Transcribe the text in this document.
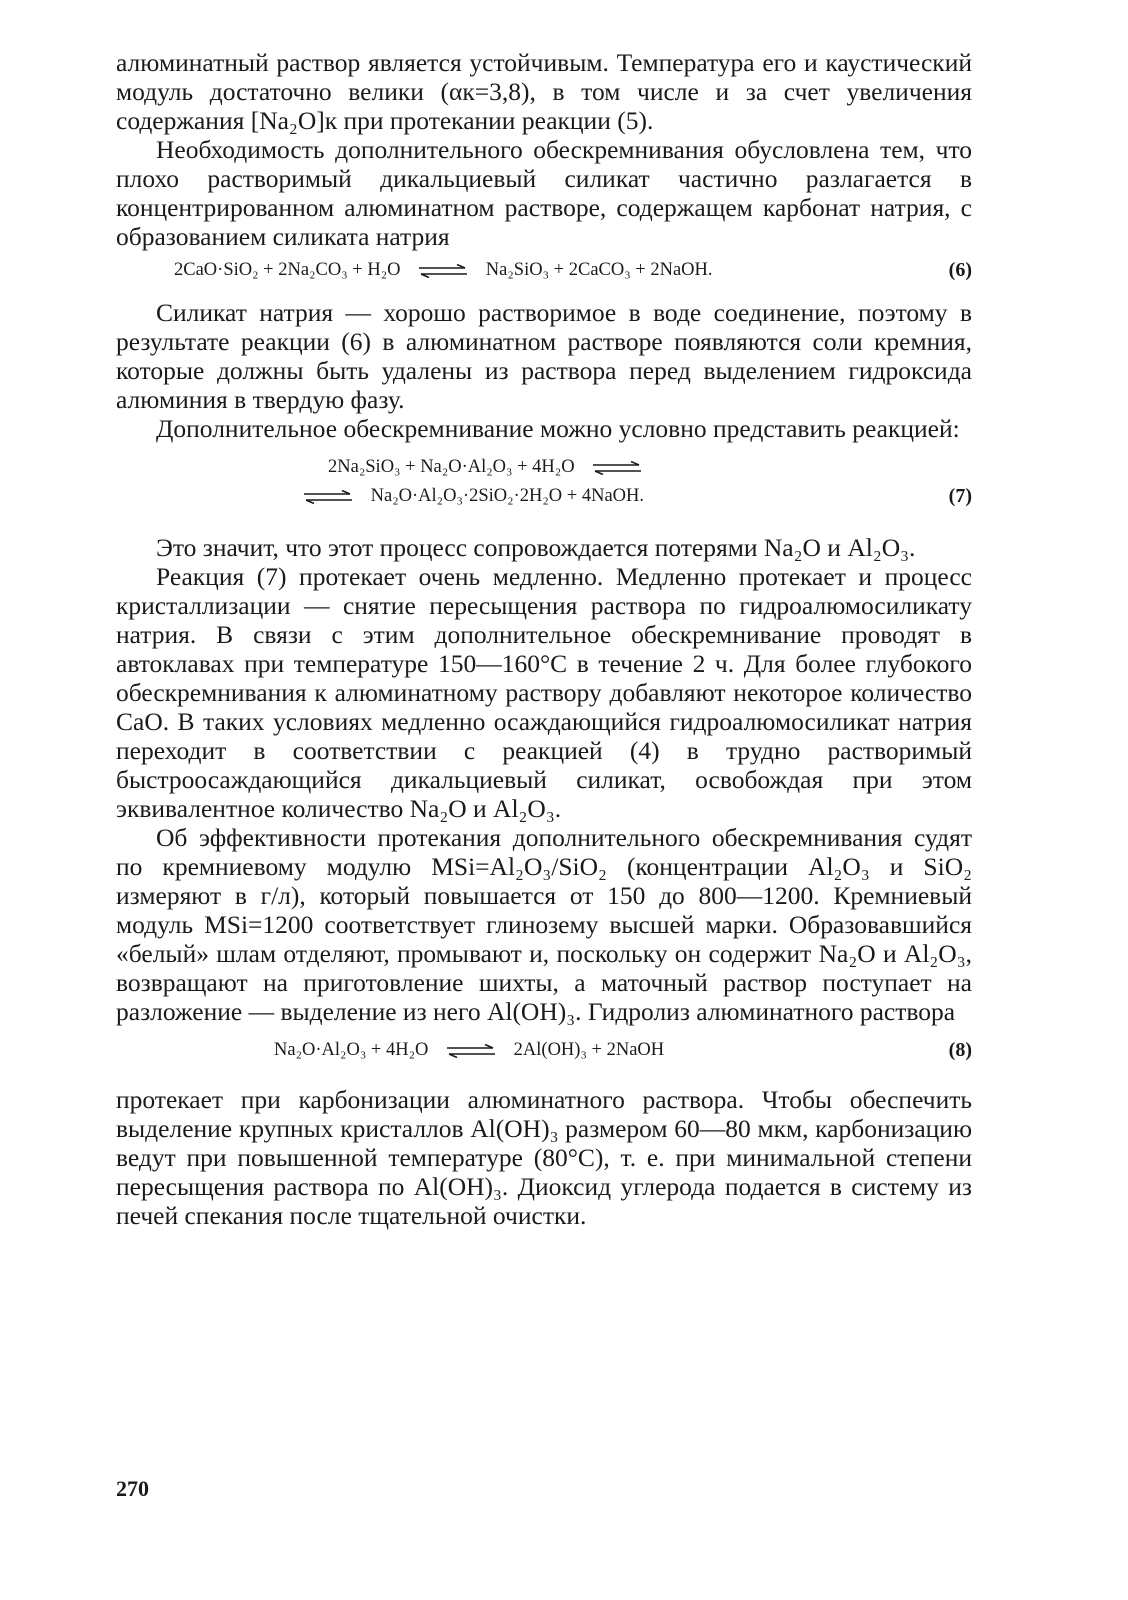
алюминатный раствор является устойчивым. Температура его и каустический модуль достаточно велики (αк=3,8), в том числе и за счет увеличения содержания [Na₂O]к при протекании реакции (5).

Необходимость дополнительного обескремнивания обусловлена тем, что плохо растворимый дикальциевый силикат частично разлагается в концентрированном алюминатном растворе, содержащем карбонат натрия, с образованием силиката натрия

2CaO·SiO₂ + 2Na₂CO₃ + H₂O ⇌ Na₂SiO₃ + 2CaCO₃ + 2NaOH.	(6)

Силикат натрия — хорошо растворимое в воде соединение, поэтому в результате реакции (6) в алюминатном растворе появляются соли кремния, которые должны быть удалены из раствора перед выделением гидроксида алюминия в твердую фазу.

Дополнительное обескремнивание можно условно представить реакцией:

2Na₂SiO₃ + Na₂O·Al₂O₃ + 4H₂O ⇌
⇌ Na₂O·Al₂O₃·2SiO₂·2H₂O + 4NaOH.	(7)

Это значит, что этот процесс сопровождается потерями Na₂O и Al₂O₃.

Реакция (7) протекает очень медленно. Медленно протекает и процесс кристаллизации — снятие пересыщения раствора по гидроалюмосиликату натрия. В связи с этим дополнительное обескремнивание проводят в автоклавах при температуре 150—160°С в течение 2 ч. Для более глубокого обескремнивания к алюминатному раствору добавляют некоторое количество СаО. В таких условиях медленно осаждающийся гидроалюмосиликат натрия переходит в соответствии с реакцией (4) в трудно растворимый быстроосаждающийся дикальциевый силикат, освобождая при этом эквивалентное количество Na₂O и Al₂O₃.

Об эффективности протекания дополнительного обескремнивания судят по кремниевому модулю MSi=Al₂O₃/SiO₂ (концентрации Al₂O₃ и SiO₂ измеряют в г/л), который повышается от 150 до 800—1200. Кремниевый модуль MSi=1200 соответствует глинозему высшей марки. Образовавшийся «белый» шлам отделяют, промывают и, поскольку он содержит Na₂O и Al₂O₃, возвращают на приготовление шихты, а маточный раствор поступает на разложение — выделение из него Al(OH)₃. Гидролиз алюминатного раствора

Na₂O·Al₂O₃ + 4H₂O ⇌ 2Al(OH)₃ + 2NaOH	(8)

протекает при карбонизации алюминатного раствора. Чтобы обеспечить выделение крупных кристаллов Al(OH)₃ размером 60—80 мкм, карбонизацию ведут при повышенной температуре (80°С), т. е. при минимальной степени пересыщения раствора по Al(OH)₃. Диоксид углерода подается в систему из печей спекания после тщательной очистки.

270
